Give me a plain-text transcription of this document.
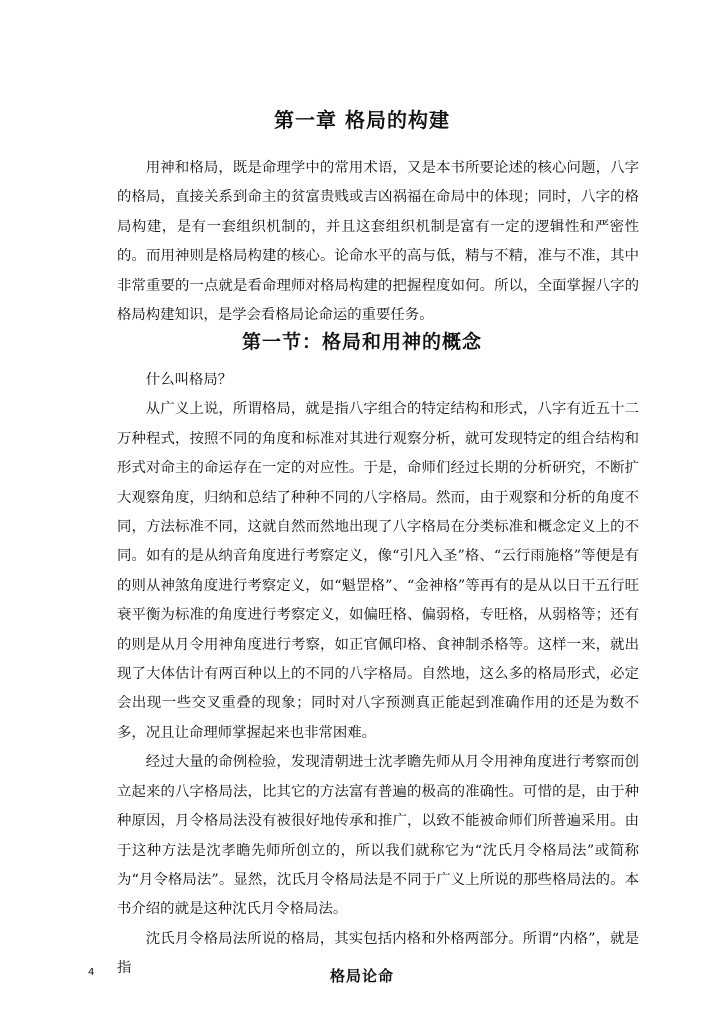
第一章 格局的构建

用神和格局，既是命理学中的常用术语，又是本书所要论述的核心问题，八字的格局，直接关系到命主的贫富贵贱或吉凶祸福在命局中的体现；同时，八字的格局构建，是有一套组织机制的，并且这套组织机制是富有一定的逻辑性和严密性的。而用神则是格局构建的核心。论命水平的高与低，精与不精，准与不准，其中非常重要的一点就是看命理师对格局构建的把握程度如何。所以，全面掌握八字的格局构建知识，是学会看格局论命运的重要任务。

第一节：格局和用神的概念

什么叫格局？

从广义上说，所谓格局，就是指八字组合的特定结构和形式，八字有近五十二万种程式，按照不同的角度和标准对其进行观察分析，就可发现特定的组合结构和形式对命主的命运存在一定的对应性。于是，命师们经过长期的分析研究，不断扩大观察角度，归纳和总结了种种不同的八字格局。然而，由于观察和分析的角度不同，方法标准不同，这就自然而然地出现了八字格局在分类标准和概念定义上的不同。如有的是从纳音角度进行考察定义，像“引凡入圣”格、“云行雨施格”等便是有的则从神煞角度进行考察定义，如“魁罡格”、“金神格”等再有的是从以日干五行旺衰平衡为标准的角度进行考察定义，如偏旺格、偏弱格，专旺格，从弱格等；还有的则是从月令用神角度进行考察，如正官佩印格、食神制杀格等。这样一来，就出现了大体估计有两百种以上的不同的八字格局。自然地，这么多的格局形式，必定会出现一些交叉重叠的现象；同时对八字预测真正能起到准确作用的还是为数不多，况且让命理师掌握起来也非常困难。

经过大量的命例检验，发现清朝进士沈孝瞻先师从月令用神角度进行考察而创立起来的八字格局法，比其它的方法富有普遍的极高的准确性。可惜的是，由于种种原因，月令格局法没有被很好地传承和推广，以致不能被命师们所普遍采用。由于这种方法是沈孝瞻先师所创立的，所以我们就称它为“沈氏月令格局法”或简称为“月令格局法”。显然，沈氏月令格局法是不同于广义上所说的那些格局法的。本书介绍的就是这种沈氏月令格局法。

沈氏月令格局法所说的格局，其实包括内格和外格两部分。所谓“内格”，就是指

4	格局论命
